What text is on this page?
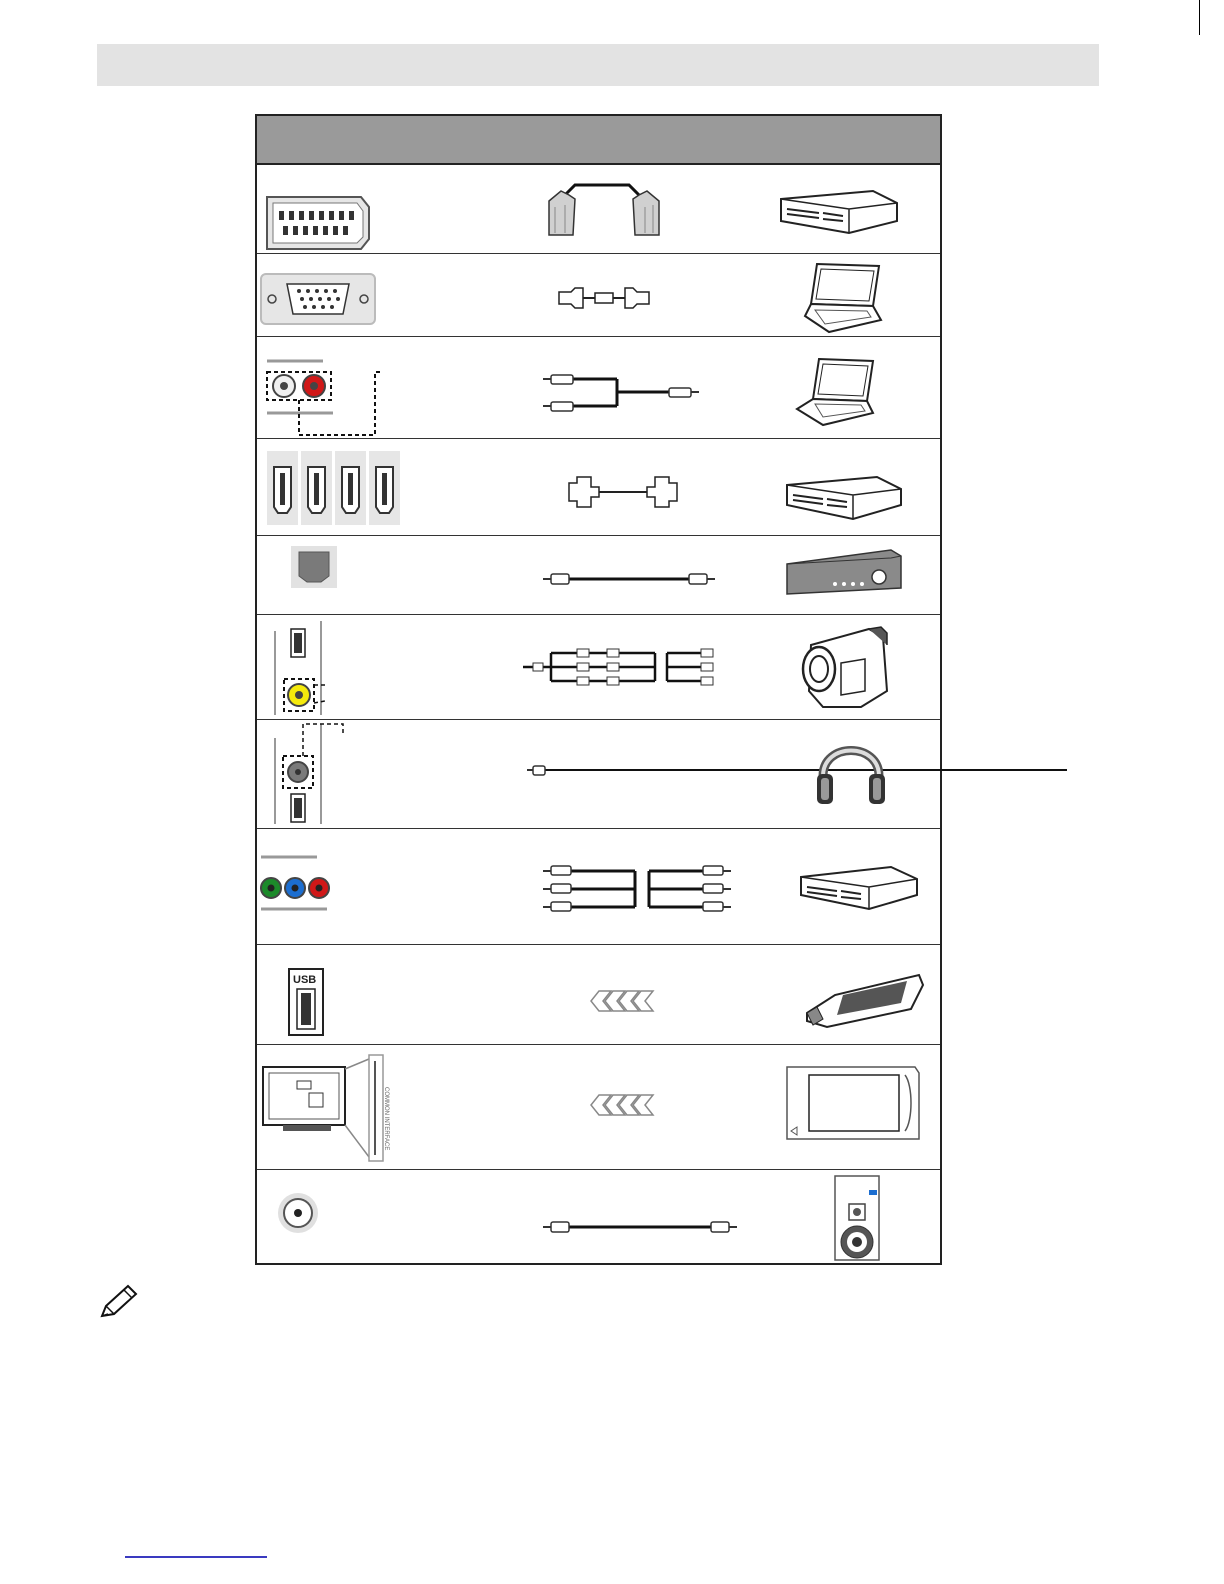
USB
COMMON INTERFACE
